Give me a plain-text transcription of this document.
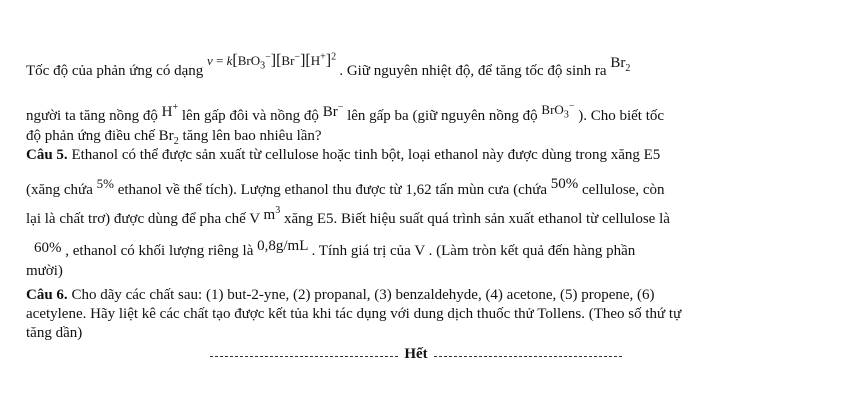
Tốc độ của phản ứng có dạng $v = k[BrO_3^-][Br^-][H^+]^2$ . Giữ nguyên nhiệt độ, để tăng tốc độ sinh ra $Br_2$
người ta tăng nồng độ H+ lên gấp đôi và nồng độ Br− lên gấp ba (giữ nguyên nồng độ BrO$_3$− ). Cho biết tốc
độ phản ứng điều chế $Br_2$ tăng lên bao nhiêu lần?
Câu 5. Ethanol có thể được sản xuất từ cellulose hoặc tinh bột, loại ethanol này được dùng trong xăng E5
(xăng chứa 5% ethanol về thể tích). Lượng ethanol thu được từ 1,62 tấn mùn cưa (chứa 50% cellulose, còn
lại là chất trơ) được dùng để pha chế V $m^3$ xăng E5. Biết hiệu suất quá trình sản xuất ethanol từ cellulose là
60% , ethanol có khối lượng riêng là 0,8g/mL . Tính giá trị của V . (Làm tròn kết quả đến hàng phần
mười)
Câu 6. Cho dãy các chất sau: (1) but-2-yne, (2) propanal, (3) benzaldehyde, (4) acetone, (5) propene, (6)
acetylene. Hãy liệt kê các chất tạo được kết tủa khi tác dụng với dung dịch thuốc thử Tollens. (Theo số thứ tự
tăng dần)
Hết
